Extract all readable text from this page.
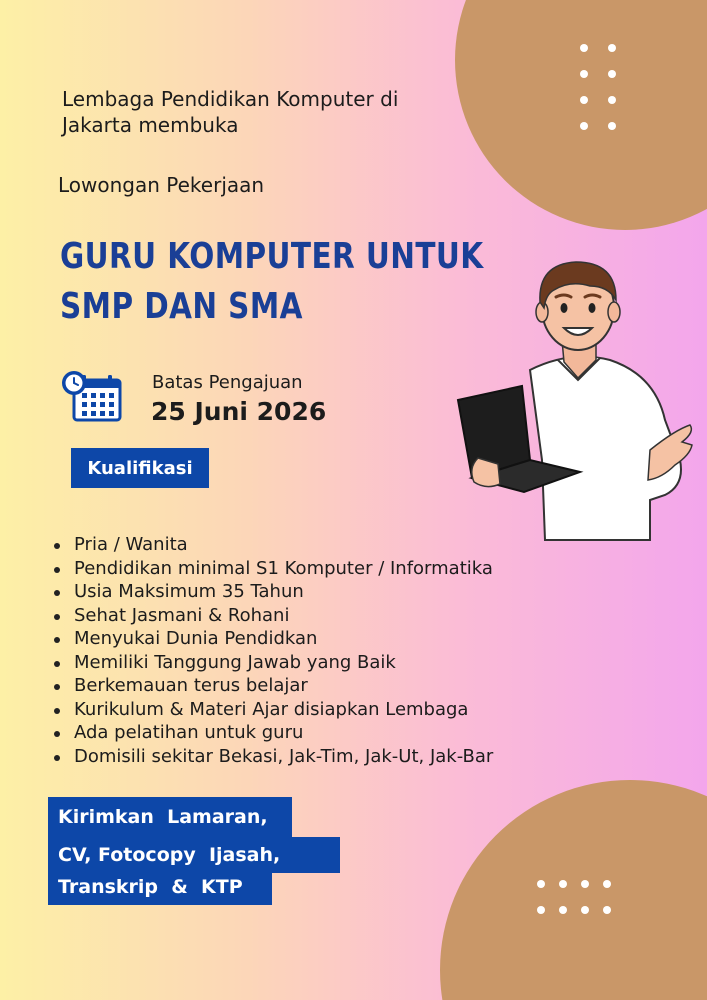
Lembaga Pendidikan Komputer di
Jakarta membuka

Lowongan Pekerjaan

GURU KOMPUTER UNTUK
SMP DAN SMA
Batas Pengajuan
25 Juni 2026
Kualifikasi
Pria / Wanita
Pendidikan minimal S1 Komputer / Informatika
Usia Maksimum 35 Tahun
Sehat Jasmani & Rohani
Menyukai Dunia Pendidkan
Memiliki Tanggung Jawab yang Baik
Berkemauan terus belajar
Kurikulum & Materi Ajar disiapkan Lembaga
Ada pelatihan untuk guru
Domisili sekitar Bekasi, Jak-Tim, Jak-Ut, Jak-Bar
Kirimkan  Lamaran,
CV, Fotocopy  Ijasah,
Transkrip  &  KTP
